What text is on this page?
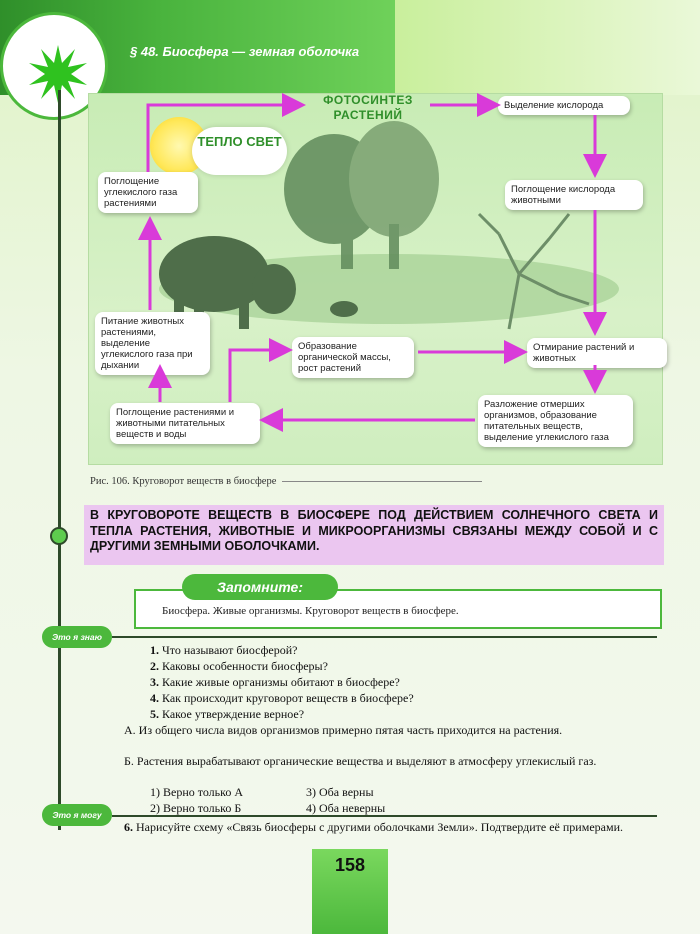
§ 48. Биосфера — земная оболочка
ТЕПЛО СВЕТ
ФОТОСИНТЕЗ РАСТЕНИЙ
Выделение кислорода
Поглощение кислорода животными
Отмирание растений и животных
Разложение отмерших организмов, образование питательных веществ, выделение углекислого газа
Поглощение растениями и животными питательных веществ и воды
Образование органической массы, рост растений
Питание животных растениями, выделение углекислого газа при дыхании
Поглощение углекислого газа растениями
Рис. 106. Круговорот веществ в биосфере
В КРУГОВОРОТЕ ВЕЩЕСТВ В БИОСФЕРЕ ПОД ДЕЙСТВИЕМ СОЛНЕЧНОГО СВЕТА И ТЕПЛА РАСТЕНИЯ, ЖИВОТНЫЕ И МИКРООРГАНИЗМЫ СВЯЗАНЫ МЕЖДУ СОБОЙ И С ДРУГИМИ ЗЕМНЫМИ ОБОЛОЧКАМИ.
Запомните:
Биосфера. Живые организмы. Круговорот веществ в биосфере.
Это я знаю
1. Что называют биосферой?
2. Каковы особенности биосферы?
3. Какие живые организмы обитают в биосфере?
4. Как происходит круговорот веществ в биосфере?
5. Какое утверждение верное?
А. Из общего числа видов организмов примерно пятая часть приходится на растения.
Б. Растения вырабатывают органические вещества и выделяют в атмосферу углекислый газ.
1) Верно только А	3) Оба верны
2) Верно только Б	4) Оба неверны
Это я могу
6. Нарисуйте схему «Связь биосферы с другими оболочками Земли». Подтвердите её примерами.
158
